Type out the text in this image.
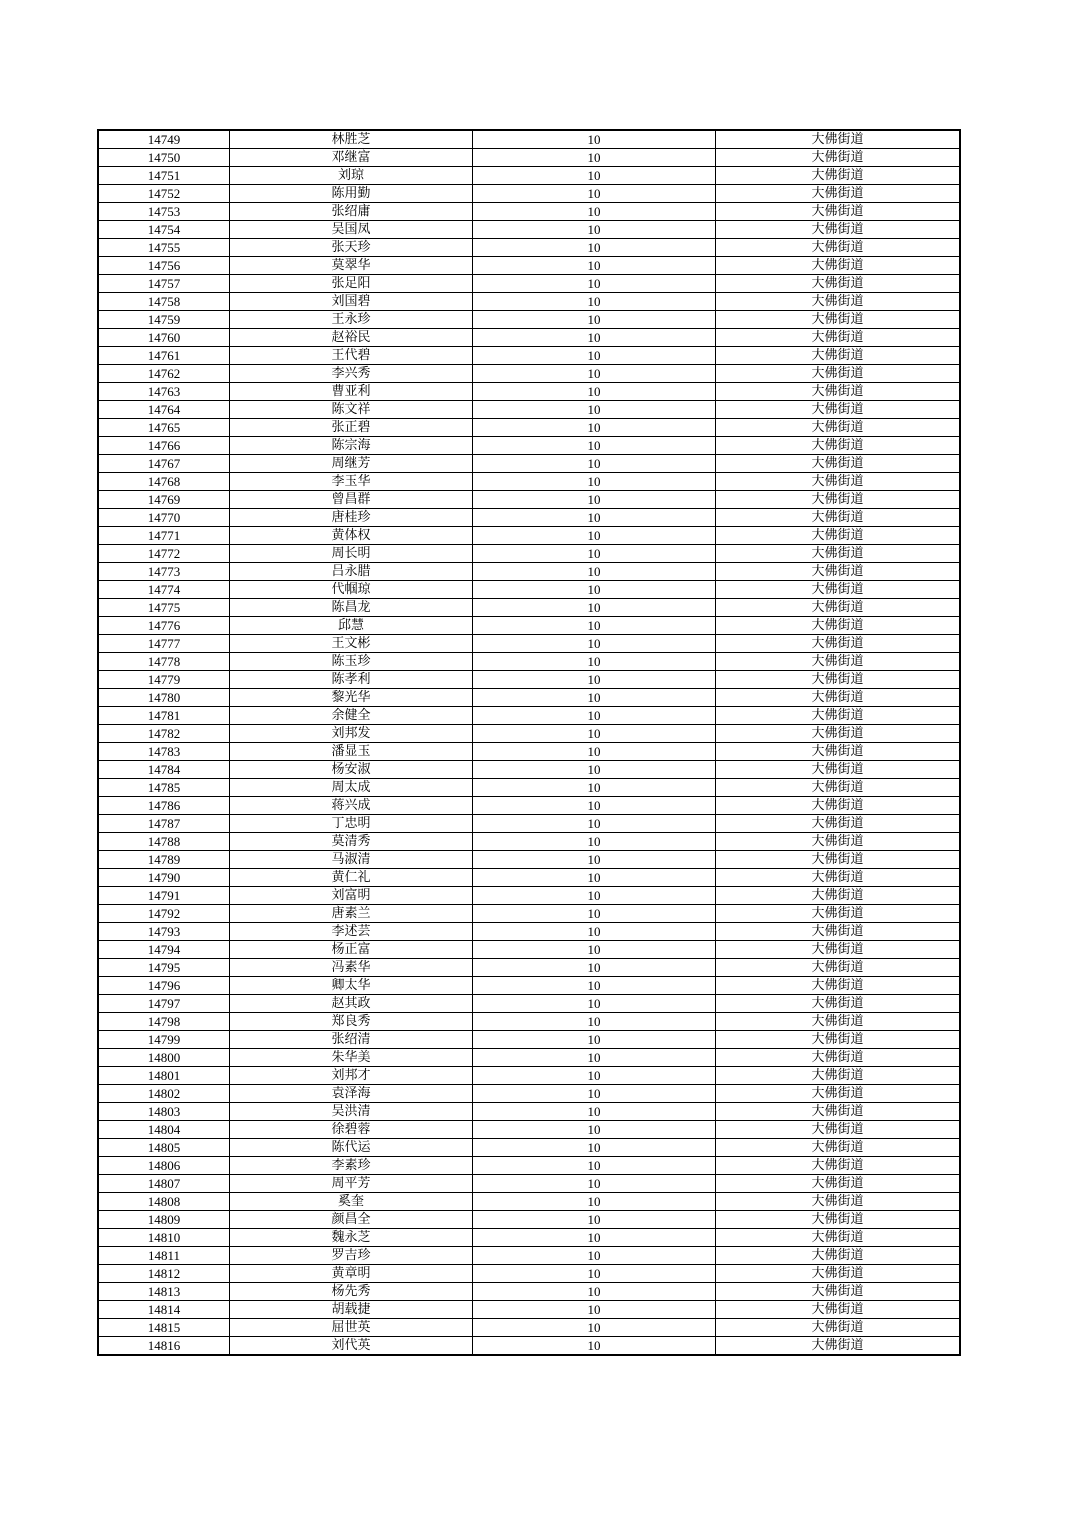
14749	林胜芝	10	大佛街道
14750	邓继富	10	大佛街道
14751	刘琼	10	大佛街道
14752	陈用勤	10	大佛街道
14753	张绍庸	10	大佛街道
14754	吴国凤	10	大佛街道
14755	张天珍	10	大佛街道
14756	莫翠华	10	大佛街道
14757	张足阳	10	大佛街道
14758	刘国碧	10	大佛街道
14759	王永珍	10	大佛街道
14760	赵裕民	10	大佛街道
14761	王代碧	10	大佛街道
14762	李兴秀	10	大佛街道
14763	曹亚利	10	大佛街道
14764	陈文祥	10	大佛街道
14765	张正碧	10	大佛街道
14766	陈宗海	10	大佛街道
14767	周继芳	10	大佛街道
14768	李玉华	10	大佛街道
14769	曾昌群	10	大佛街道
14770	唐桂珍	10	大佛街道
14771	黄体权	10	大佛街道
14772	周长明	10	大佛街道
14773	吕永腊	10	大佛街道
14774	代帼琼	10	大佛街道
14775	陈昌龙	10	大佛街道
14776	邱慧	10	大佛街道
14777	王文彬	10	大佛街道
14778	陈玉珍	10	大佛街道
14779	陈孝利	10	大佛街道
14780	黎光华	10	大佛街道
14781	余健全	10	大佛街道
14782	刘邦发	10	大佛街道
14783	潘显玉	10	大佛街道
14784	杨安淑	10	大佛街道
14785	周太成	10	大佛街道
14786	蒋兴成	10	大佛街道
14787	丁忠明	10	大佛街道
14788	莫清秀	10	大佛街道
14789	马淑清	10	大佛街道
14790	黄仁礼	10	大佛街道
14791	刘富明	10	大佛街道
14792	唐素兰	10	大佛街道
14793	李述芸	10	大佛街道
14794	杨正富	10	大佛街道
14795	冯素华	10	大佛街道
14796	卿太华	10	大佛街道
14797	赵其政	10	大佛街道
14798	郑良秀	10	大佛街道
14799	张绍清	10	大佛街道
14800	朱华美	10	大佛街道
14801	刘邦才	10	大佛街道
14802	袁泽海	10	大佛街道
14803	吴洪清	10	大佛街道
14804	徐碧蓉	10	大佛街道
14805	陈代运	10	大佛街道
14806	李素珍	10	大佛街道
14807	周平芳	10	大佛街道
14808	奚奎	10	大佛街道
14809	颜昌全	10	大佛街道
14810	魏永芝	10	大佛街道
14811	罗吉珍	10	大佛街道
14812	黄章明	10	大佛街道
14813	杨先秀	10	大佛街道
14814	胡载捷	10	大佛街道
14815	屈世英	10	大佛街道
14816	刘代英	10	大佛街道
